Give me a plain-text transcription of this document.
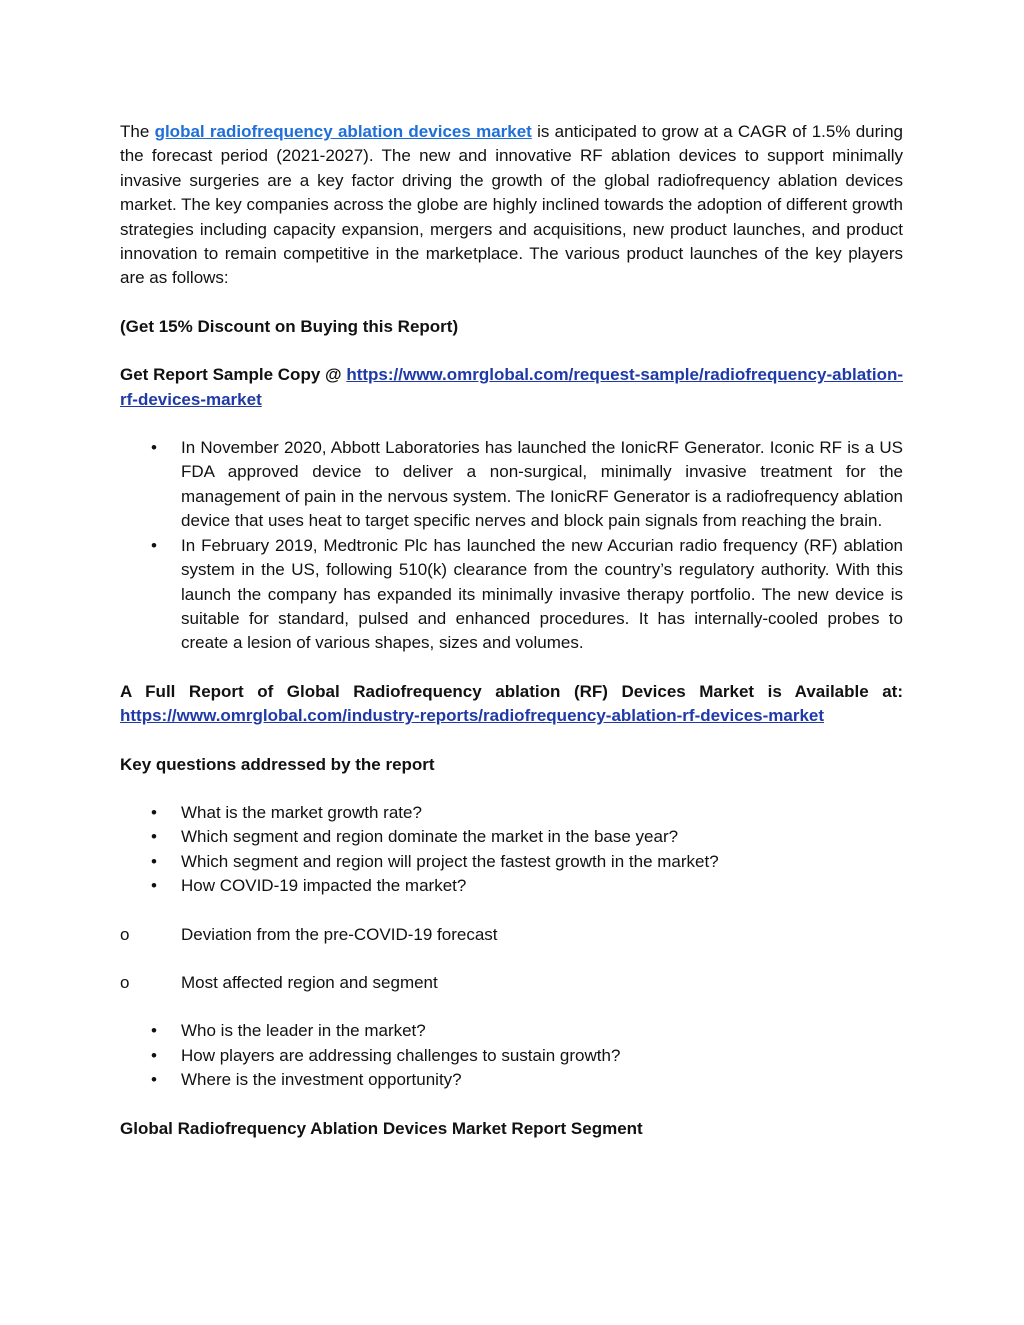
The global radiofrequency ablation devices market is anticipated to grow at a CAGR of 1.5% during the forecast period (2021-2027). The new and innovative RF ablation devices to support minimally invasive surgeries are a key factor driving the growth of the global radiofrequency ablation devices market. The key companies across the globe are highly inclined towards the adoption of different growth strategies including capacity expansion, mergers and acquisitions, new product launches, and product innovation to remain competitive in the marketplace. The various product launches of the key players are as follows:

(Get 15% Discount on Buying this Report)

Get Report Sample Copy @ https://www.omrglobal.com/request-sample/radiofrequency-ablation-rf-devices-market

• In November 2020, Abbott Laboratories has launched the IonicRF Generator. Iconic RF is a US FDA approved device to deliver a non-surgical, minimally invasive treatment for the management of pain in the nervous system. The IonicRF Generator is a radiofrequency ablation device that uses heat to target specific nerves and block pain signals from reaching the brain.
• In February 2019, Medtronic Plc has launched the new Accurian radio frequency (RF) ablation system in the US, following 510(k) clearance from the country’s regulatory authority. With this launch the company has expanded its minimally invasive therapy portfolio. The new device is suitable for standard, pulsed and enhanced procedures. It has internally-cooled probes to create a lesion of various shapes, sizes and volumes.

A Full Report of Global Radiofrequency ablation (RF) Devices Market is Available at: https://www.omrglobal.com/industry-reports/radiofrequency-ablation-rf-devices-market

Key questions addressed by the report

• What is the market growth rate?
• Which segment and region dominate the market in the base year?
• Which segment and region will project the fastest growth in the market?
• How COVID-19 impacted the market?
o	Deviation from the pre-COVID-19 forecast
o	Most affected region and segment
• Who is the leader in the market?
• How players are addressing challenges to sustain growth?
• Where is the investment opportunity?

Global Radiofrequency Ablation Devices Market Report Segment
